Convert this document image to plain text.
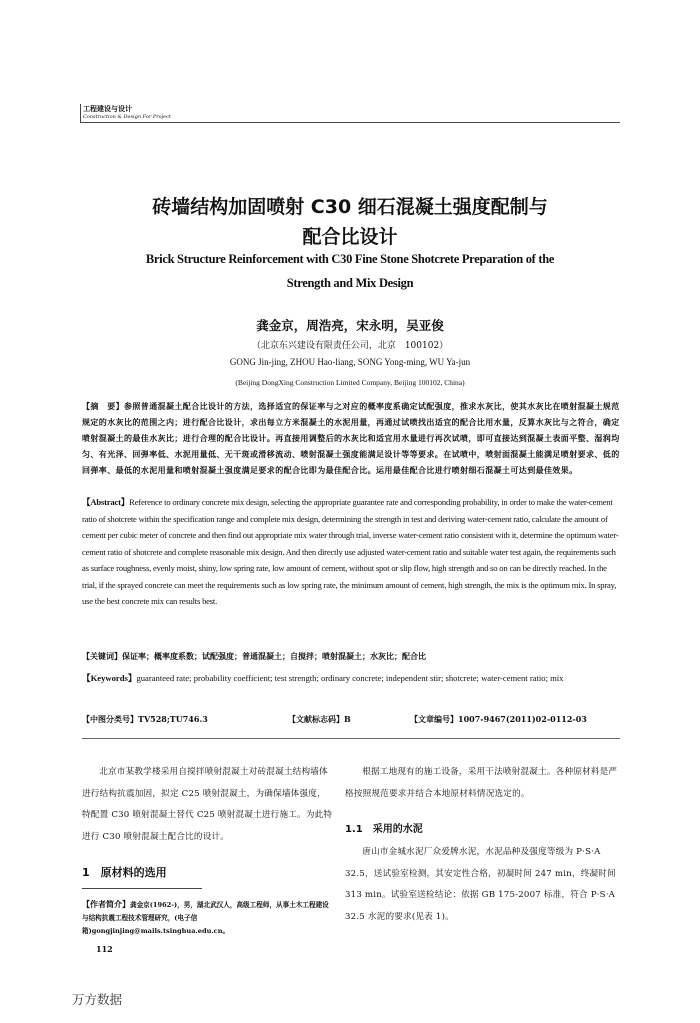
工程建设与设计
Construction & Design For Project
砖墙结构加固喷射 C30 细石混凝土强度配制与
配合比设计
Brick Structure Reinforcement with C30 Fine Stone Shotcrete Preparation of the
Strength and Mix Design
龚金京，周浩亮，宋永明，吴亚俊
（北京东兴建设有限责任公司，北京　100102）
GONG Jin-jing, ZHOU Hao-liang, SONG Yong-ming, WU Ya-jun
(Beijing DongXing Construction Limited Company, Beijing 100102, China)
【摘　要】参照普通混凝土配合比设计的方法，选择适宜的保证率与之对应的概率度系确定试配强度，推求水灰比，使其水灰比在喷射混凝土规范规定的水灰比的范围之内；进行配合比设计，求出每立方米混凝土的水泥用量，再通过试喷找出适宜的配合比用水量，反算水灰比与之符合，确定喷射混凝土的最佳水灰比；进行合理的配合比设计。再直接用调整后的水灰比和适宜用水量进行再次试喷，即可直接达到混凝土表面平整、湿润均匀、有光泽、回弹率低、水泥用量低、无干斑或滑移流动、喷射混凝土强度能满足设计等等要求。在试喷中，喷射面混凝土能满足喷射要求、低的回弹率、最低的水泥用量和喷射混凝土强度满足要求的配合比即为最佳配合比。运用最佳配合比进行喷射细石混凝土可达到最佳效果。
【Abstract】Reference to ordinary concrete mix design, selecting the appropriate guarantee rate and corresponding probability, in order to make the water-cement ratio of shotcrete within the specification range and complete mix design, determining the strength in test and deriving water-cement ratio, calculate the amount of cement per cubic meter of concrete and then find out appropriate mix water through trial, inverse water-cement ratio consistent with it, determine the optimum water-cement ratio of shotcrete and complete reasonable mix design. And then directly use adjusted water-cement ratio and suitable water test again, the requirements such as surface roughness, evenly moist, shiny, low spring rate, low amount of cement, without spot or slip flow, high strength and so on can be directly reached. In the trial, if the sprayed concrete can meet the requirements such as low spring rate, the minimum amount of cement, high strength, the mix is the optimum mix. In spray, use the best concrete mix can results best.
【关键词】保证率；概率度系数；试配强度；普通混凝土；自搅拌；喷射混凝土；水灰比；配合比
【Keywords】guaranteed rate; probability coefficient; test strength; ordinary concrete; independent stir; shotcrete; water-cement ratio; mix
【中图分类号】TV528;TU746.3	【文献标志码】B	【文章编号】1007-9467(2011)02-0112-03

北京市某教学楼采用自搅拌喷射混凝土对砖混凝土结构墙体进行结构抗震加固，拟定 C25 喷射混凝土，为确保墙体强度，特配置 C30 喷射混凝土替代 C25 喷射混凝土进行施工。为此特进行 C30 喷射混凝土配合比的设计。

1　原材料的选用

根据工地现有的施工设备，采用干法喷射混凝土。各种原材料是严格按照规范要求并结合本地原材料情况选定的。

1.1　采用的水泥

唐山市金城水泥厂众爱牌水泥，水泥品种及强度等级为 P·S·A 32.5，送试验室检测，其安定性合格，初凝时间 247 min，终凝时间 313 min。试验室送检结论：依据 GB 175-2007 标准，符合 P·S·A 32.5 水泥的要求(见表 1)。

【作者简介】龚金京(1962-)，男，湖北武汉人，高级工程师，从事土木工程建设与结构抗震工程技术管理研究，(电子信箱)gongjinjing@mails.tsinghua.edu.cn。
112
万方数据
